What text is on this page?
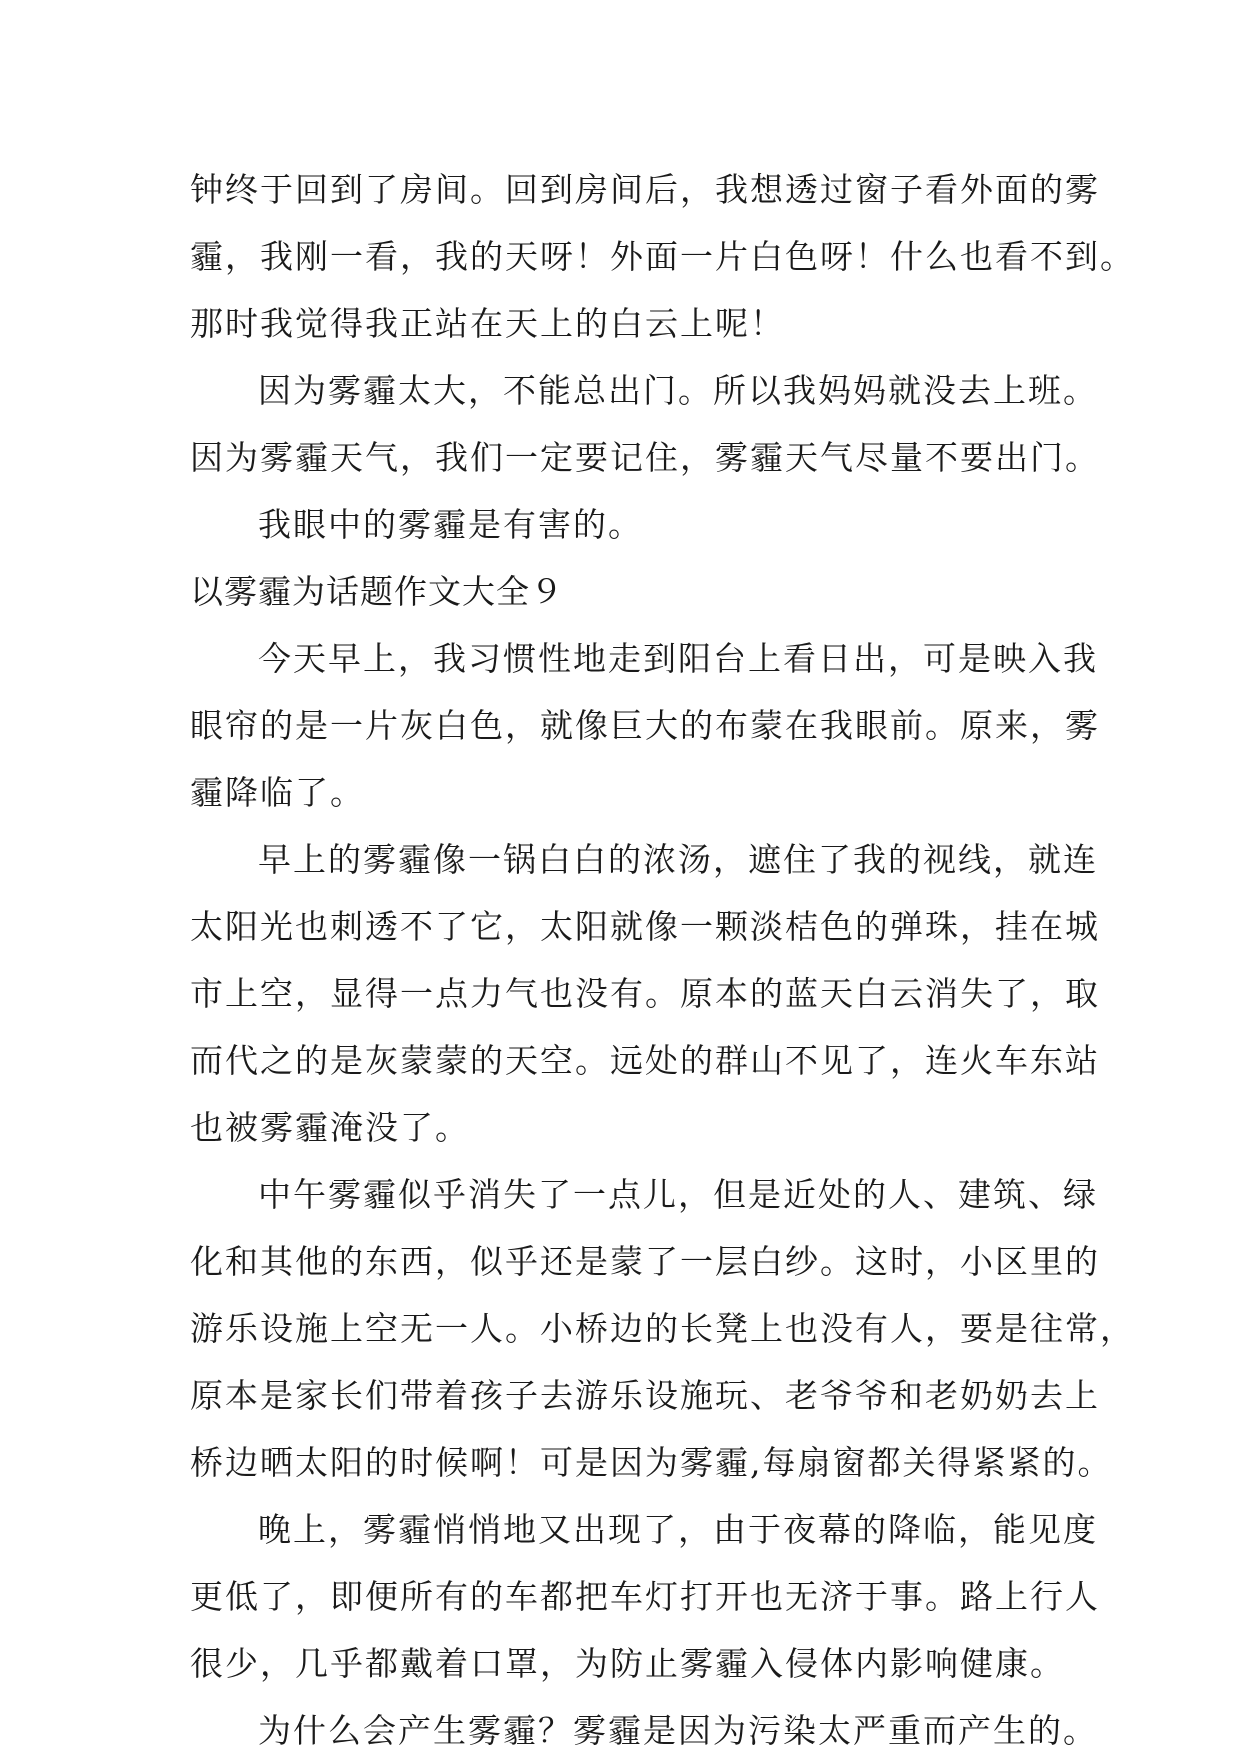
钟终于回到了房间。回到房间后，我想透过窗子看外面的雾
霾，我刚一看，我的天呀！外面一片白色呀！什么也看不到。
那时我觉得我正站在天上的白云上呢！
因为雾霾太大，不能总出门。所以我妈妈就没去上班。
因为雾霾天气，我们一定要记住，雾霾天气尽量不要出门。
我眼中的雾霾是有害的。
以雾霾为话题作文大全９
今天早上，我习惯性地走到阳台上看日出，可是映入我
眼帘的是一片灰白色，就像巨大的布蒙在我眼前。原来，雾
霾降临了。
早上的雾霾像一锅白白的浓汤，遮住了我的视线，就连
太阳光也刺透不了它，太阳就像一颗淡桔色的弹珠，挂在城
市上空，显得一点力气也没有。原本的蓝天白云消失了，取
而代之的是灰蒙蒙的天空。远处的群山不见了，连火车东站
也被雾霾淹没了。
中午雾霾似乎消失了一点儿，但是近处的人、建筑、绿
化和其他的东西，似乎还是蒙了一层白纱。这时，小区里的
游乐设施上空无一人。小桥边的长凳上也没有人，要是往常，
原本是家长们带着孩子去游乐设施玩、老爷爷和老奶奶去上
桥边晒太阳的时候啊！可是因为雾霾,每扇窗都关得紧紧的。
晚上，雾霾悄悄地又出现了，由于夜幕的降临，能见度
更低了，即便所有的车都把车灯打开也无济于事。路上行人
很少，几乎都戴着口罩，为防止雾霾入侵体内影响健康。
为什么会产生雾霾？雾霾是因为污染太严重而产生的。
